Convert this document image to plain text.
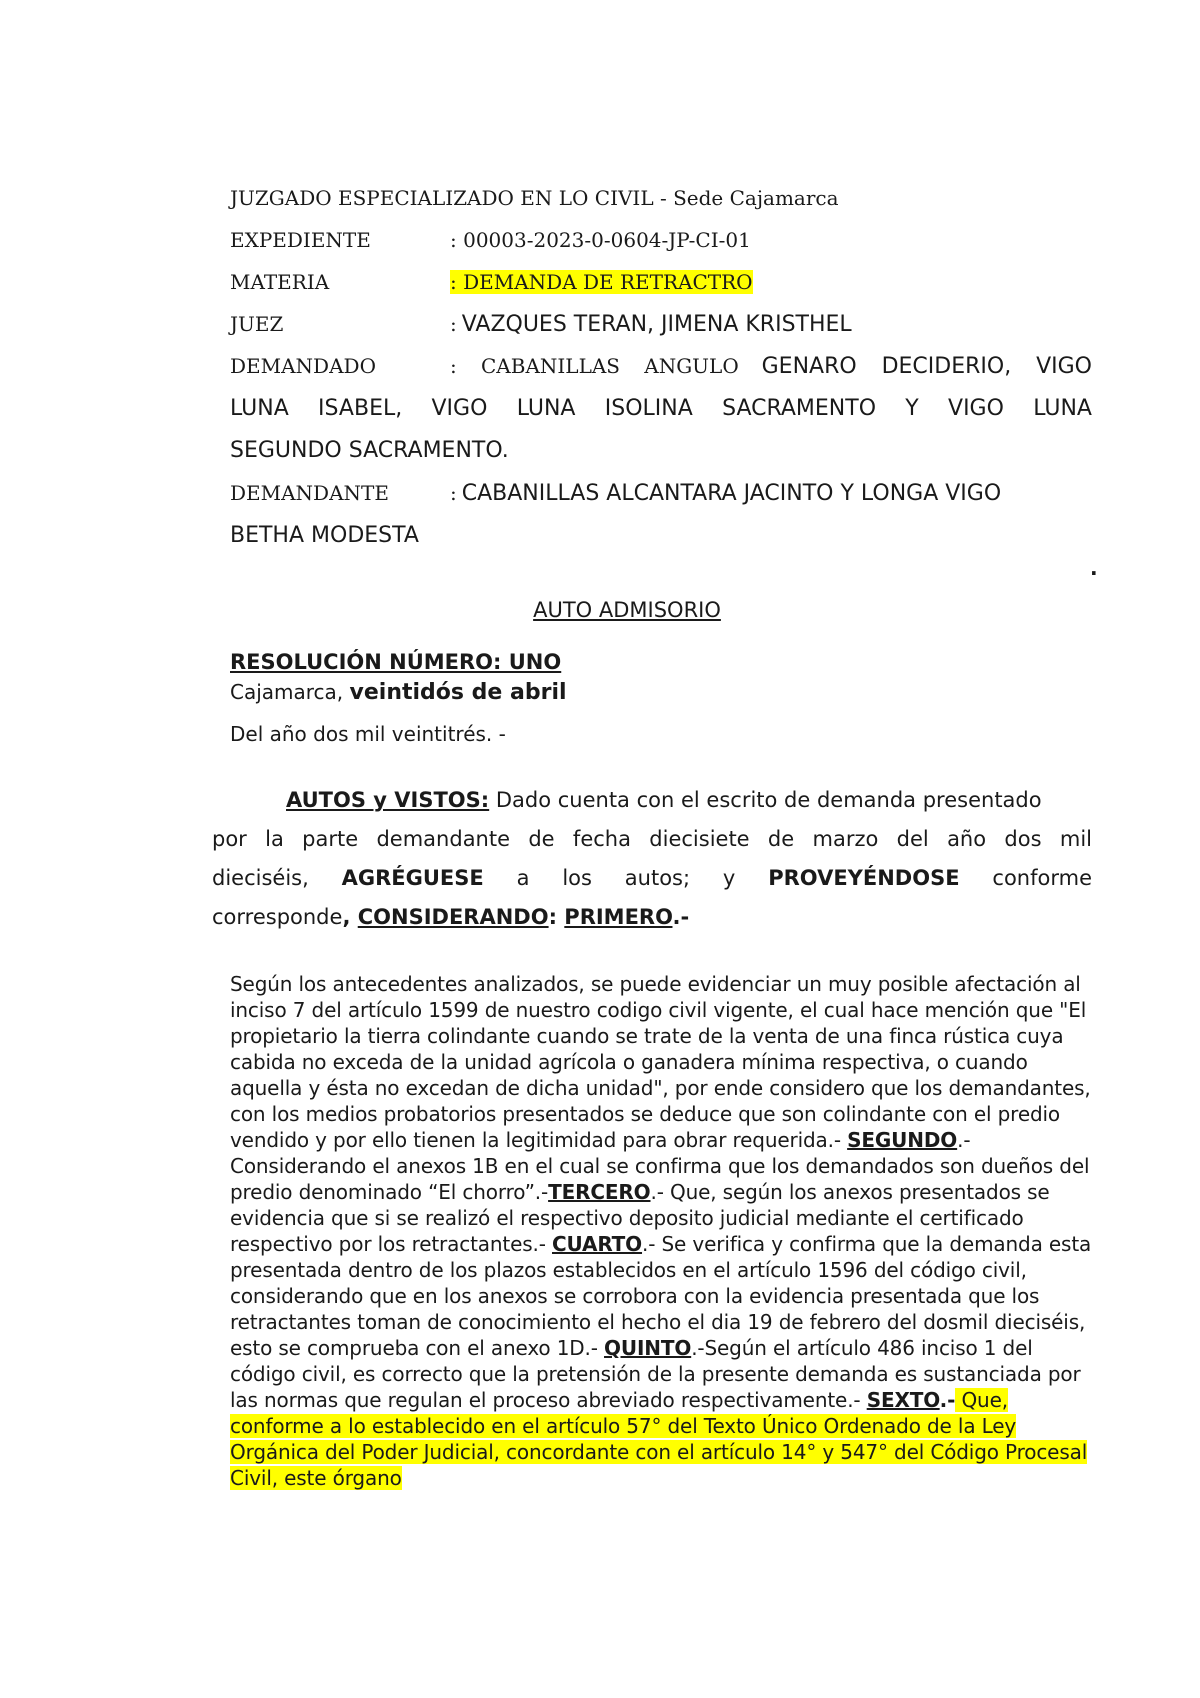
JUZGADO ESPECIALIZADO EN LO CIVIL - Sede Cajamarca
EXPEDIENTE	: 00003-2023-0-0604-JP-CI-01
MATERIA	: DEMANDA DE RETRACTRO
JUEZ	: VAZQUES TERAN, JIMENA KRISTHEL
DEMANDADO	: CABANILLAS ANGULO GENARO DECIDERIO, VIGO
LUNA ISABEL, VIGO LUNA ISOLINA SACRAMENTO Y VIGO LUNA
SEGUNDO SACRAMENTO.
DEMANDANTE	: CABANILLAS ALCANTARA JACINTO Y LONGA VIGO
BETHA MODESTA
.
AUTO ADMISORIO
RESOLUCIÓN NÚMERO: UNO
Cajamarca, veintidós de abril
Del año dos mil veintitrés. -
AUTOS y VISTOS: Dado cuenta con el escrito de demanda presentado
por la parte demandante de fecha diecisiete de marzo del año dos mil
dieciséis, AGRÉGUESE a los autos; y PROVEYÉNDOSE conforme
corresponde, CONSIDERANDO: PRIMERO.-
Según los antecedentes analizados, se puede evidenciar un muy posible afectación al inciso 7 del artículo 1599 de nuestro codigo civil vigente, el cual hace mención que "El propietario la tierra colindante cuando se trate de la venta de una finca rústica cuya cabida no exceda de la unidad agrícola o ganadera mínima respectiva, o cuando aquella y ésta no excedan de dicha unidad", por ende considero que los demandantes, con los medios probatorios presentados se deduce que son colindante con el predio vendido y por ello tienen la legitimidad para obrar requerida.- SEGUNDO.- Considerando el anexos 1B en el cual se confirma que los demandados son dueños del predio denominado “El chorro”.-TERCERO.- Que, según los anexos presentados se evidencia que si se realizó el respectivo deposito judicial mediante el certificado respectivo por los retractantes.- CUARTO.- Se verifica y confirma que la demanda esta presentada dentro de los plazos establecidos en el artículo 1596 del código civil, considerando que en los anexos se corrobora con la evidencia presentada que los retractantes toman de conocimiento el hecho el dia 19 de febrero del dosmil dieciséis, esto se comprueba con el anexo 1D.- QUINTO.-Según el artículo 486 inciso 1 del código civil, es correcto que la pretensión de la presente demanda es sustanciada por las normas que regulan el proceso abreviado respectivamente.- SEXTO.- Que, conforme a lo establecido en el artículo 57° del Texto Único Ordenado de la Ley Orgánica del Poder Judicial, concordante con el artículo 14° y 547° del Código Procesal Civil, este órgano
